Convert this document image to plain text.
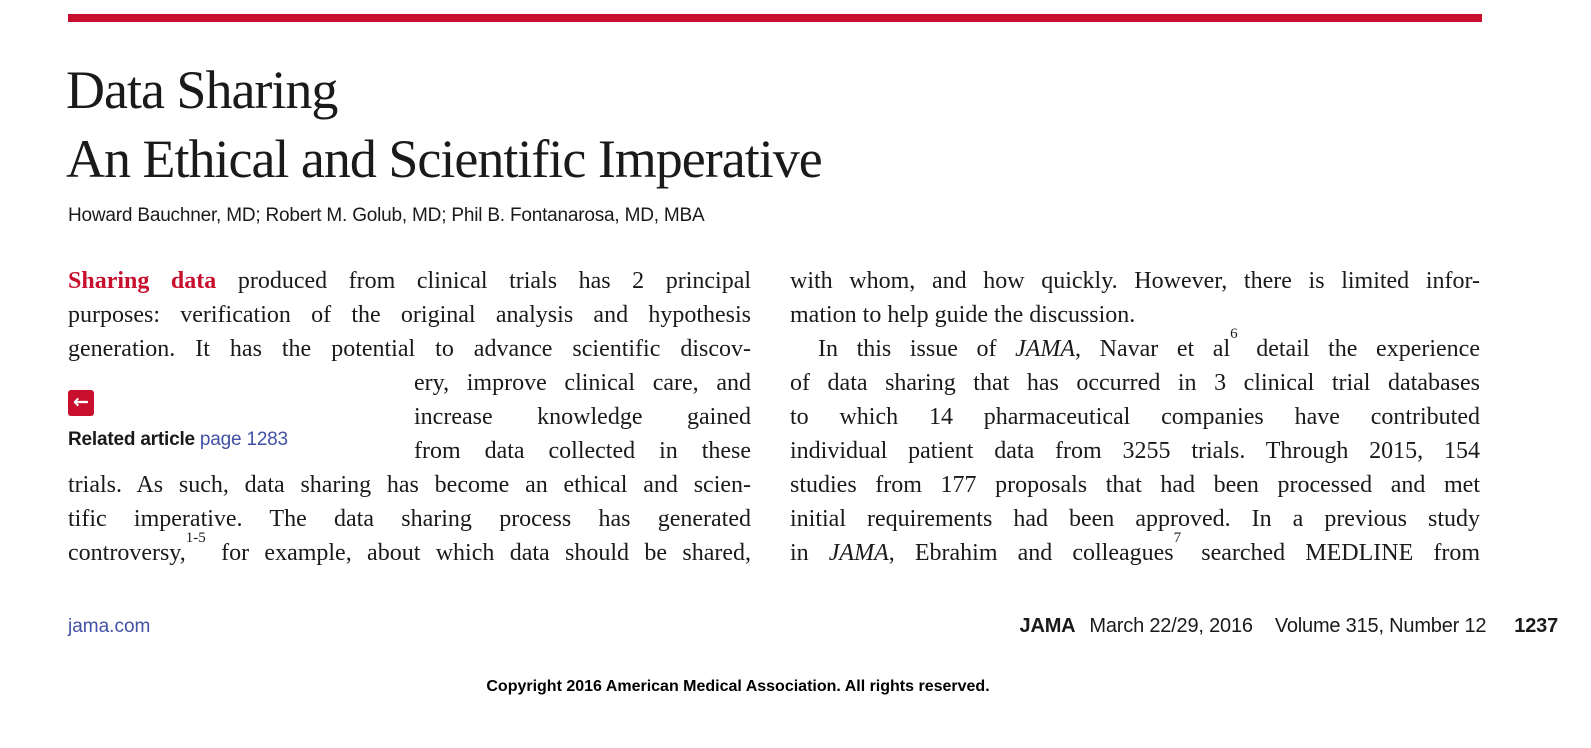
Data Sharing
An Ethical and Scientific Imperative
Howard Bauchner, MD; Robert M. Golub, MD; Phil B. Fontanarosa, MD, MBA
Sharing data produced from clinical trials has 2 principal
purposes: verification of the original analysis and hypothesis
generation. It has the potential to advance scientific discov-
ery, improve clinical care, and
increase knowledge gained
from data collected in these
trials. As such, data sharing has become an ethical and scien-
tific imperative. The data sharing process has generated
controversy,$^{1-5}$ for example, about which data should be shared,
with whom, and how quickly. However, there is limited infor-
mation to help guide the discussion.
In this issue of JAMA, Navar et al$^6$ detail the experience
of data sharing that has occurred in 3 clinical trial databases
to which 14 pharmaceutical companies have contributed
individual patient data from 3255 trials. Through 2015, 154
studies from 177 proposals that had been processed and met
initial requirements had been approved. In a previous study
in JAMA, Ebrahim and colleagues$^7$ searched MEDLINE from
←
Related article page 1283
jama.com	JAMA March 22/29, 2016 Volume 315, Number 12 1237
Copyright 2016 American Medical Association. All rights reserved.
